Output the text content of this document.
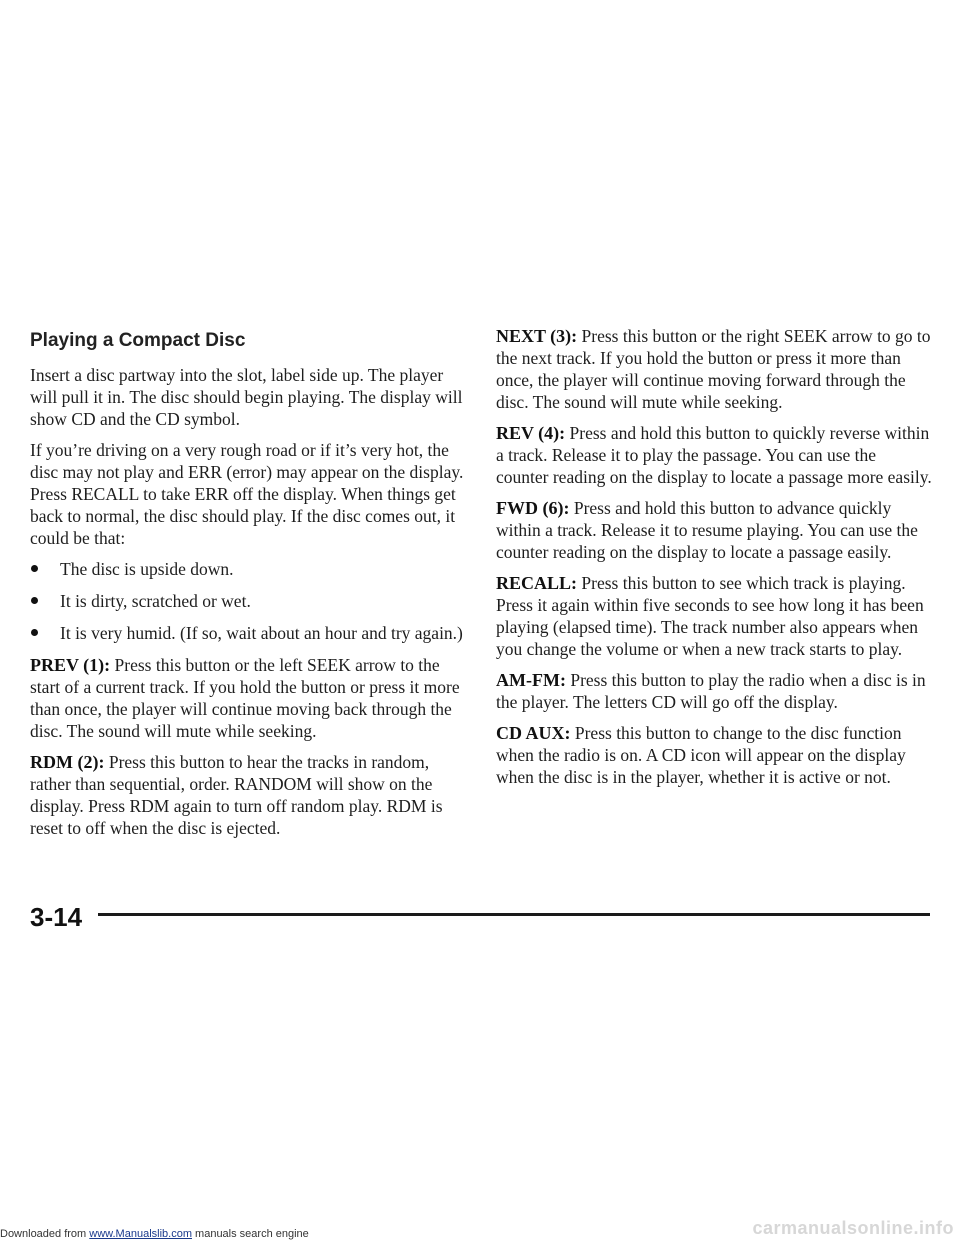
Downloaded from www.Manualslib.com manuals search engine
Playing a Compact Disc

Insert a disc partway into the slot, label side up. The player will pull it in. The disc should begin playing. The display will show CD and the CD symbol.

If you’re driving on a very rough road or if it’s very hot, the disc may not play and ERR (error) may appear on the display. Press RECALL to take ERR off the display. When things get back to normal, the disc should play. If the disc comes out, it could be that:

The disc is upside down.
It is dirty, scratched or wet.
It is very humid. (If so, wait about an hour and try again.)

PREV (1): Press this button or the left SEEK arrow to the start of a current track. If you hold the button or press it more than once, the player will continue moving back through the disc. The sound will mute while seeking.

RDM (2): Press this button to hear the tracks in random, rather than sequential, order. RANDOM will show on the display. Press RDM again to turn off random play. RDM is reset to off when the disc is ejected.

NEXT (3): Press this button or the right SEEK arrow to go to the next track. If you hold the button or press it more than once, the player will continue moving forward through the disc. The sound will mute while seeking.

REV (4): Press and hold this button to quickly reverse within a track. Release it to play the passage. You can use the counter reading on the display to locate a passage more easily.

FWD (6): Press and hold this button to advance quickly within a track. Release it to resume playing. You can use the counter reading on the display to locate a passage easily.

RECALL: Press this button to see which track is playing. Press it again within five seconds to see how long it has been playing (elapsed time). The track number also appears when you change the volume or when a new track starts to play.

AM-FM: Press this button to play the radio when a disc is in the player. The letters CD will go off the display.

CD AUX: Press this button to change to the disc function when the radio is on. A CD icon will appear on the display when the disc is in the player, whether it is active or not.

3-14
carmanualsonline.info
